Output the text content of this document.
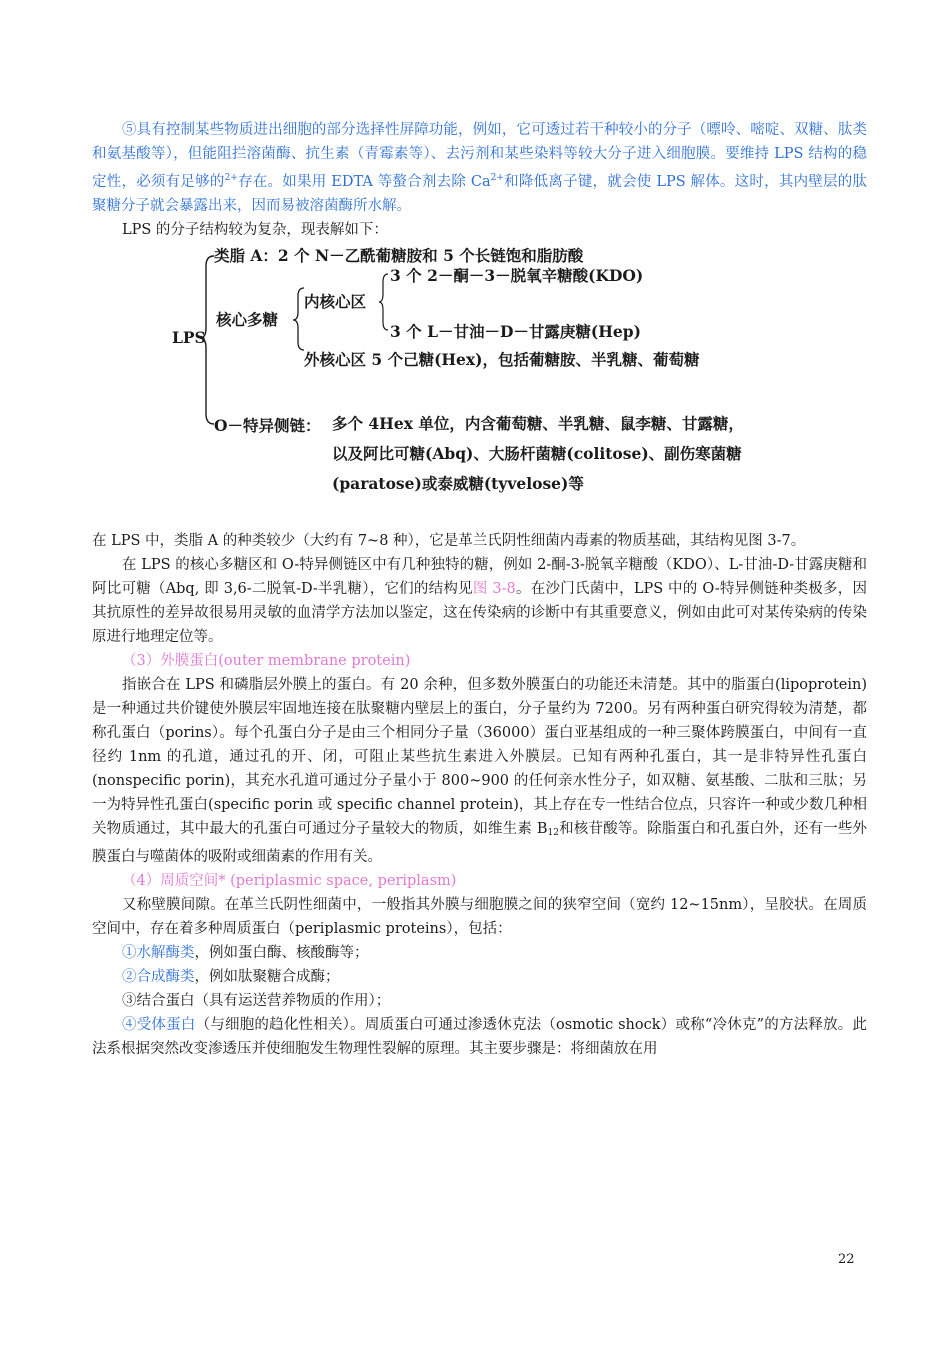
⑤具有控制某些物质进出细胞的部分选择性屏障功能，例如，它可透过若干种较小的分子（嘌呤、嘧啶、双糖、肽类和氨基酸等），但能阻拦溶菌酶、抗生素（青霉素等）、去污剂和某些染料等较大分子进入细胞膜。要维持 LPS 结构的稳定性，必须有足够的$^{2+}$存在。如果用 EDTA 等螯合剂去除 $Ca^{2+}$和降低离子键，就会使 LPS 解体。这时，其内壁层的肽聚糖分子就会暴露出来，因而易被溶菌酶所水解。

LPS 的分子结构较为复杂，现表解如下：

LPS
类脂 A：2 个 N－乙酰葡糖胺和 5 个长链饱和脂肪酸
核心多糖
内核心区
3 个 2－酮－3－脱氧辛糖酸(KDO)
3 个 L－甘油－D－甘露庚糖(Hep)
外核心区 5 个己糖(Hex)，包括葡糖胺、半乳糖、葡萄糖
O－特异侧链： 多个 4Hex 单位，内含葡萄糖、半乳糖、鼠李糖、甘露糖，
以及阿比可糖(Abq)、大肠杆菌糖(colitose)、副伤寒菌糖
(paratose)或泰威糖(tyvelose)等

在 LPS 中，类脂 A 的种类较少（大约有 7~8 种），它是革兰氏阴性细菌内毒素的物质基础，其结构见图 3-7。

在 LPS 的核心多糖区和 O-特异侧链区中有几种独特的糖，例如 2-酮-3-脱氧辛糖酸（KDO）、L-甘油-D-甘露庚糖和阿比可糖（Abq, 即 3,6-二脱氧-D-半乳糖），它们的结构见图 3-8。在沙门氏菌中，LPS 中的 O-特异侧链种类极多，因其抗原性的差异故很易用灵敏的血清学方法加以鉴定，这在传染病的诊断中有其重要意义，例如由此可对某传染病的传染原进行地理定位等。

（3）外膜蛋白(outer membrane protein)

指嵌合在 LPS 和磷脂层外膜上的蛋白。有 20 余种，但多数外膜蛋白的功能还未清楚。其中的脂蛋白(lipoprotein)是一种通过共价键使外膜层牢固地连接在肽聚糖内壁层上的蛋白，分子量约为 7200。另有两种蛋白研究得较为清楚，都称孔蛋白（porins）。每个孔蛋白分子是由三个相同分子量（36000）蛋白亚基组成的一种三聚体跨膜蛋白，中间有一直径约 1nm 的孔道，通过孔的开、闭，可阻止某些抗生素进入外膜层。已知有两种孔蛋白，其一是非特异性孔蛋白(nonspecific porin)，其充水孔道可通过分子量小于 800~900 的任何亲水性分子，如双糖、氨基酸、二肽和三肽；另一为特异性孔蛋白(specific porin 或 specific channel protein)，其上存在专一性结合位点，只容许一种或少数几种相关物质通过，其中最大的孔蛋白可通过分子量较大的物质，如维生素 $B_{12}$和核苷酸等。除脂蛋白和孔蛋白外，还有一些外膜蛋白与噬菌体的吸附或细菌素的作用有关。

（4）周质空间* (periplasmic space, periplasm)

又称壁膜间隙。在革兰氏阴性细菌中，一般指其外膜与细胞膜之间的狭窄空间（宽约 12~15nm），呈胶状。在周质空间中，存在着多种周质蛋白（periplasmic proteins），包括：

①水解酶类，例如蛋白酶、核酸酶等；

②合成酶类，例如肽聚糖合成酶；

③结合蛋白（具有运送营养物质的作用）；

④受体蛋白（与细胞的趋化性相关）。周质蛋白可通过渗透休克法（osmotic shock）或称“冷休克”的方法释放。此法系根据突然改变渗透压并使细胞发生物理性裂解的原理。其主要步骤是：将细菌放在用

22
